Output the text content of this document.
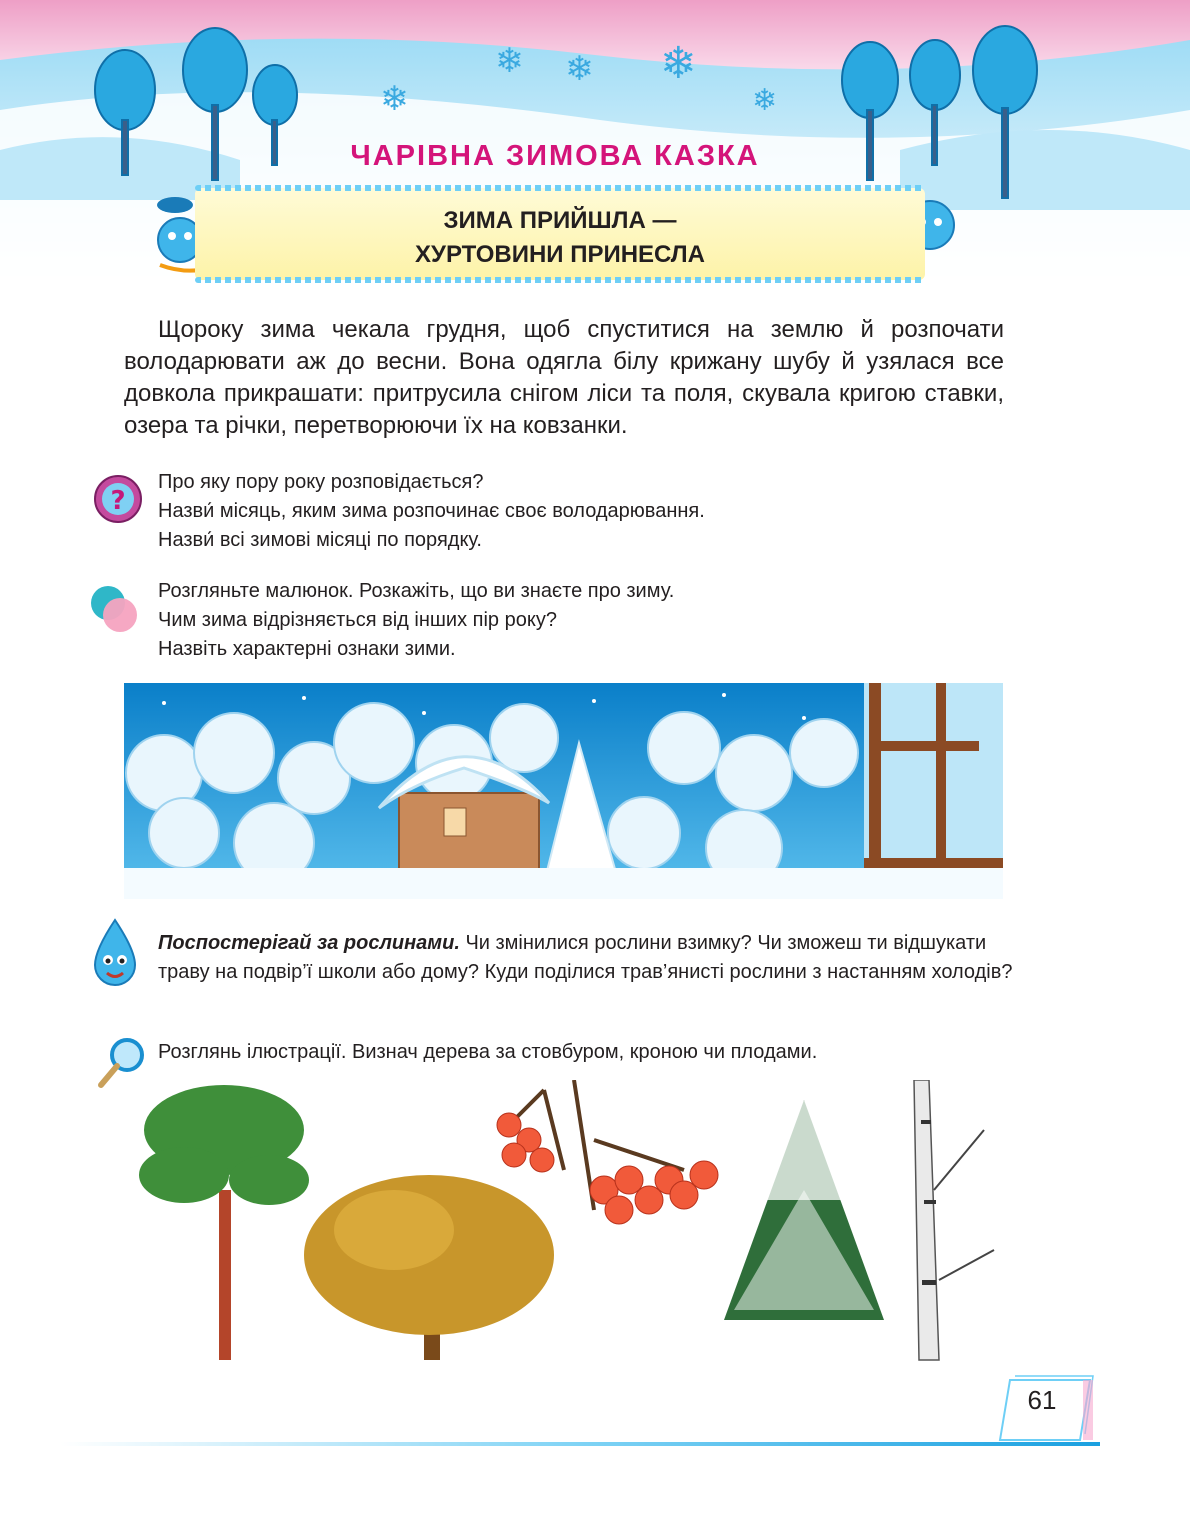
❄ ❄ ❄
❄	❄
ЧАРІВНА ЗИМОВА КАЗКА
ЗИМА ПРИЙШЛА —
ХУРТОВИНИ ПРИНЕСЛА

Щороку зима чекала грудня, щоб спуститися на землю й розпочати володарювати аж до весни. Вона одягла білу крижану шубу й узялася все довкола прикрашати: притрусила снігом ліси та поля, скувала кригою ставки, озера та річки, перетворюючи їх на ковзанки.

?
Про яку пору року розповідається?
Назви́ місяць, яким зима розпочинає своє володарювання.
Назви́ всі зимові місяці по порядку.
Розгляньте малюнок. Розкажіть, що ви знаєте про зиму.
Чим зима відрізняється від інших пір року?
Назвіть характерні ознаки зими.
Поспостерігай за рослинами. Чи змінилися рослини взимку? Чи зможеш ти відшукати траву на подвір’ї школи або дому? Куди поділися трав’янисті рослини з настанням холодів?
Розглянь ілюстрації. Визнач дерева за стовбуром, кроною чи плодами.
61
